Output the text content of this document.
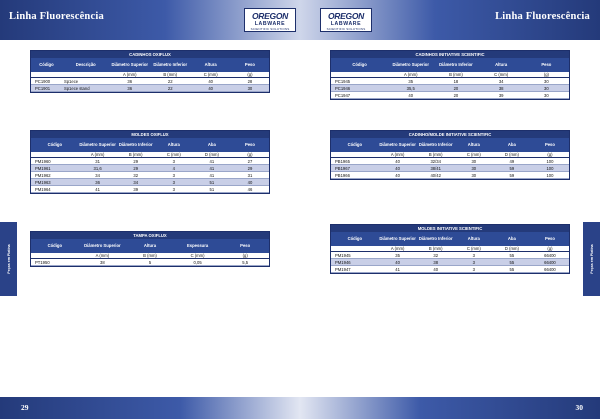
Linha Fluorescência	OREGON
LABWARE
SCIENTIFIC SOLUTIONS
OREGON
LABWARE
SCIENTIFIC SOLUTIONS
Linha Fluorescência
Peças em Platina	Peças em Platina
CADINHOS OXIFLUX
Código	Descrição	Diâmetro Superior	Diâmetro Inferior	Altura	Peso
A (mm)	B (mm)	C (mm)	(g)
PC1900	Sp1ece	36	22	40	28
PC1901	Sp1ece stand	36	22	40	30
MOLDES OXIFLUX
Código	Diâmetro Superior Diâmetro Inferior	Altura	Aba	Peso
A (mm)	B (mm)	C (mm)	D (mm)	(g)
PM1960	31	29	3	41	27
PM1961	31,6	29	4	41	29
PM1962	34	32	3	41	31
PM1963	36	34	3	51	40
PM1964	41	39	3	51	46
TAMPA OXIFLUX
Código	Diâmetro Superior	Altura	Espessura	Peso
A (mm)	B (mm)	C (mm)	(g)
PT1950	38	5	0,05	5,5
CADINHOS INITIATIVE SCIENTIFIC
Código	Diâmetro Superior	Diâmetro Inferior	Altura	Peso
A (mm)	B (mm)	C (mm)	(g)
PC1945	35	18	34	30
PC1946	35,5	20	38	30
PC1947	40	20	39	30
CADINHO/MOLDE INITIATIVE SCIENTIFIC
Código	Diâmetro Superior Diâmetro Inferior	Altura	Aba	Peso
A (mm)	B (mm)	C (mm)	D (mm)	(g)
PB1965	40	32/34	30	49	100
PB1967	40	38/41	30	59	100
PB1966	40	40/42	30	59	100
MOLDES INITIATIVE SCIENTIFIC
Código	Diâmetro Superior Diâmetro Inferior	Altura	Aba	Peso
A (mm)	B (mm)	C (mm)	D (mm)	(g)
PM1945	35	32	3	55	66400
PM1946	40	38	3	55	66400
PM1947	41	40	3	55	66400
29	30
